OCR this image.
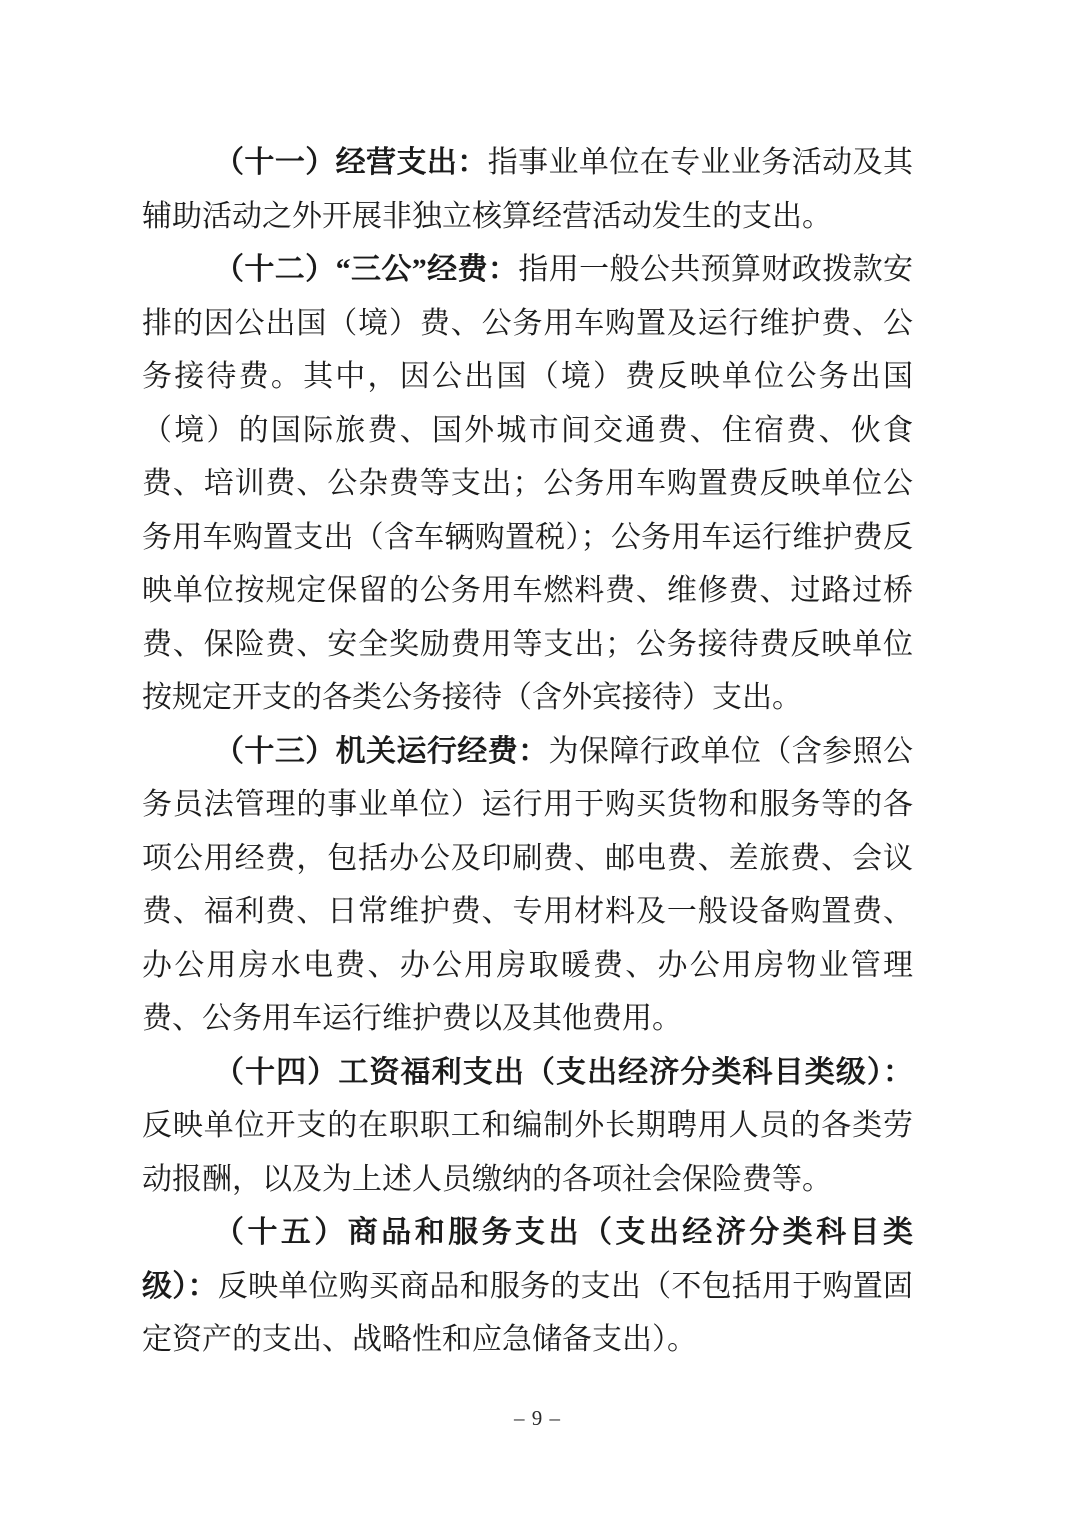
（十一）经营支出：指事业单位在专业业务活动及其辅助活动之外开展非独立核算经营活动发生的支出。

（十二）“三公”经费：指用一般公共预算财政拨款安排的因公出国（境）费、公务用车购置及运行维护费、公务接待费。其中，因公出国（境）费反映单位公务出国（境）的国际旅费、国外城市间交通费、住宿费、伙食费、培训费、公杂费等支出；公务用车购置费反映单位公务用车购置支出（含车辆购置税）；公务用车运行维护费反映单位按规定保留的公务用车燃料费、维修费、过路过桥费、保险费、安全奖励费用等支出；公务接待费反映单位按规定开支的各类公务接待（含外宾接待）支出。

（十三）机关运行经费：为保障行政单位（含参照公务员法管理的事业单位）运行用于购买货物和服务等的各项公用经费，包括办公及印刷费、邮电费、差旅费、会议费、福利费、日常维护费、专用材料及一般设备购置费、办公用房水电费、办公用房取暖费、办公用房物业管理费、公务用车运行维护费以及其他费用。

（十四）工资福利支出（支出经济分类科目类级）：反映单位开支的在职职工和编制外长期聘用人员的各类劳动报酬，以及为上述人员缴纳的各项社会保险费等。

（十五）商品和服务支出（支出经济分类科目类级）：反映单位购买商品和服务的支出（不包括用于购置固定资产的支出、战略性和应急储备支出）。

– 9 –
